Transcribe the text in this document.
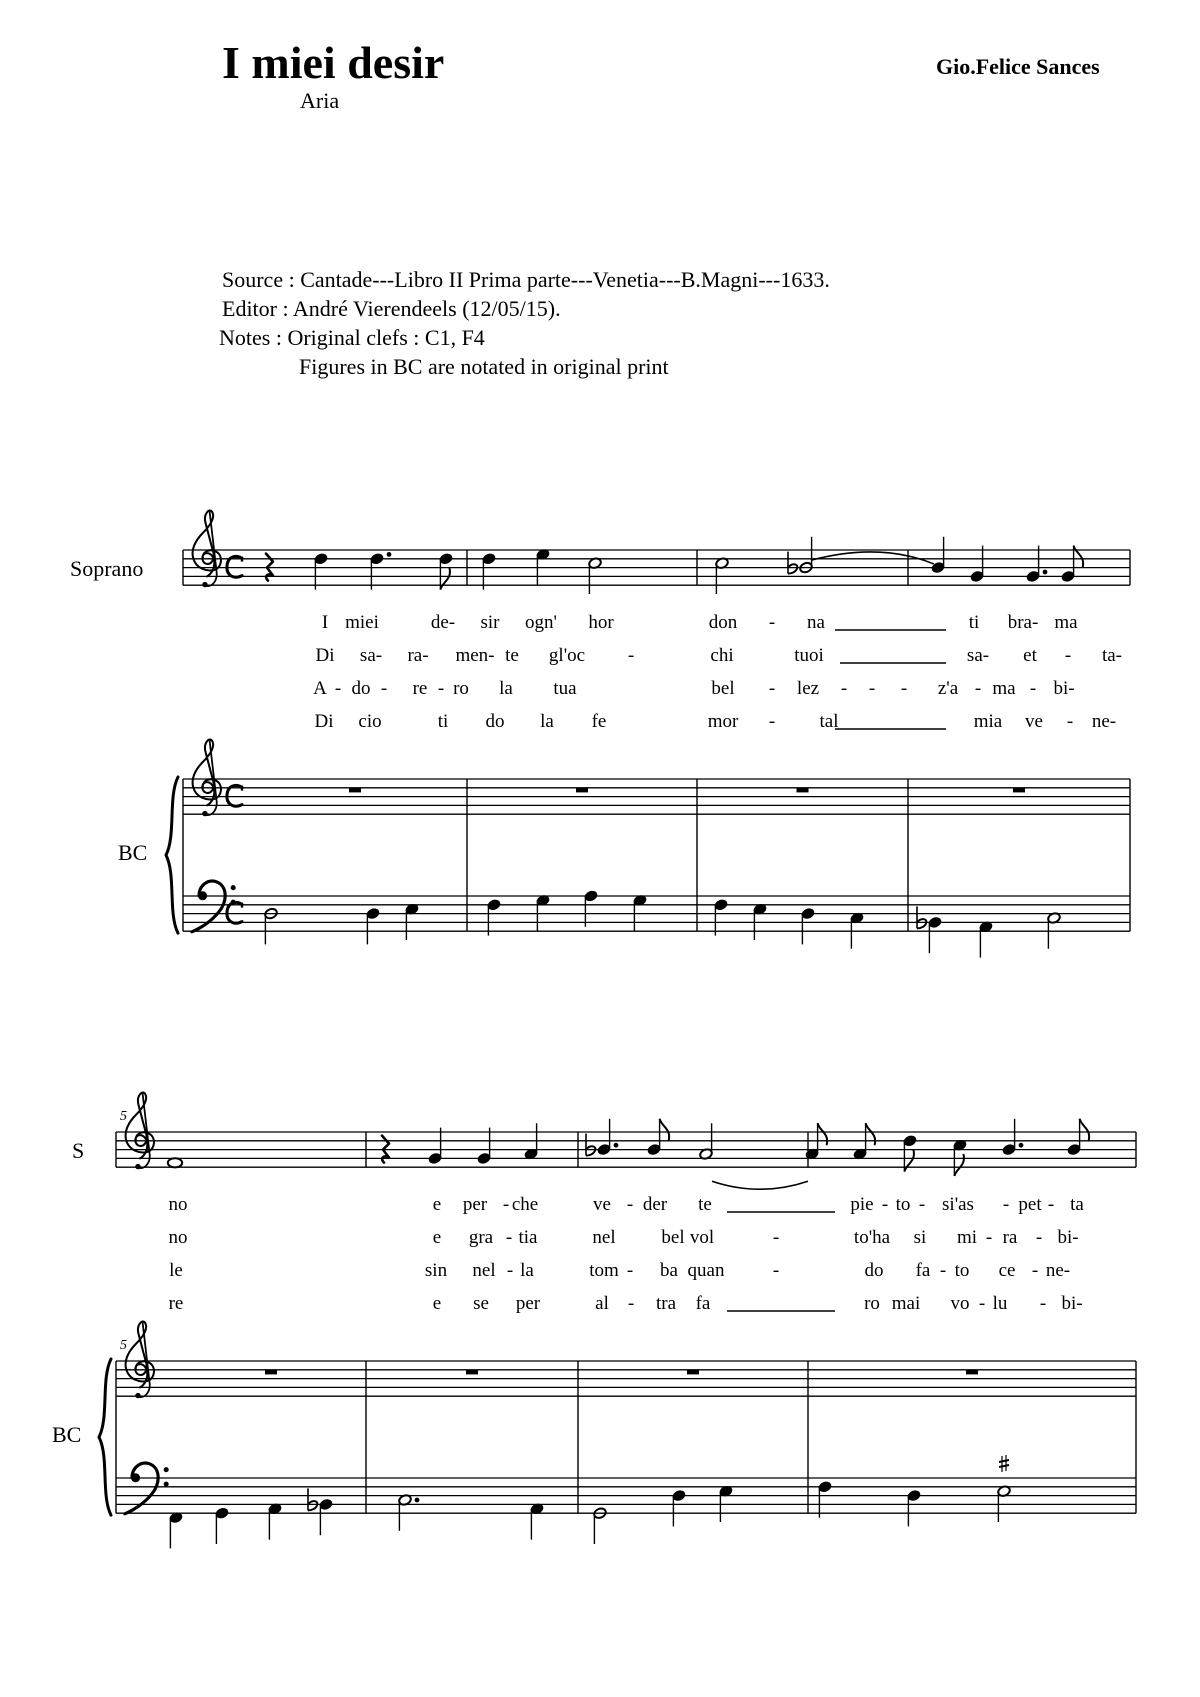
I miei desir
Aria
Gio.Felice Sances
Source : Cantade---Libro II Prima parte---Venetia---B.Magni---1633.
Editor : André Vierendeels (12/05/15).
Notes : Original clefs : C1, F4
Figures in BC are notated in original print
Soprano
BC
I miei	de- sir ogn' hor	don - na	ti bra- ma
Di sa- ra- men- te gl'oc -	chi	tuoi	sa- et - ta-
A - do - re - ro la tua	bel - lez - - - z'a - ma - bi-
Di cio	ti do la fe	mor - tal	mia ve - ne-
S
BC
5
5
no	e per - che	ve - der te	pie - to - si'as - pet - ta
no	e gra - tia	nel bel vol	-	to'ha si mi - ra - bi-
le	sin nel - la	tom - ba quan	-	do fa - to ce - ne-
re	e se per	al - tra fa	ro mai vo - lu - bi-
